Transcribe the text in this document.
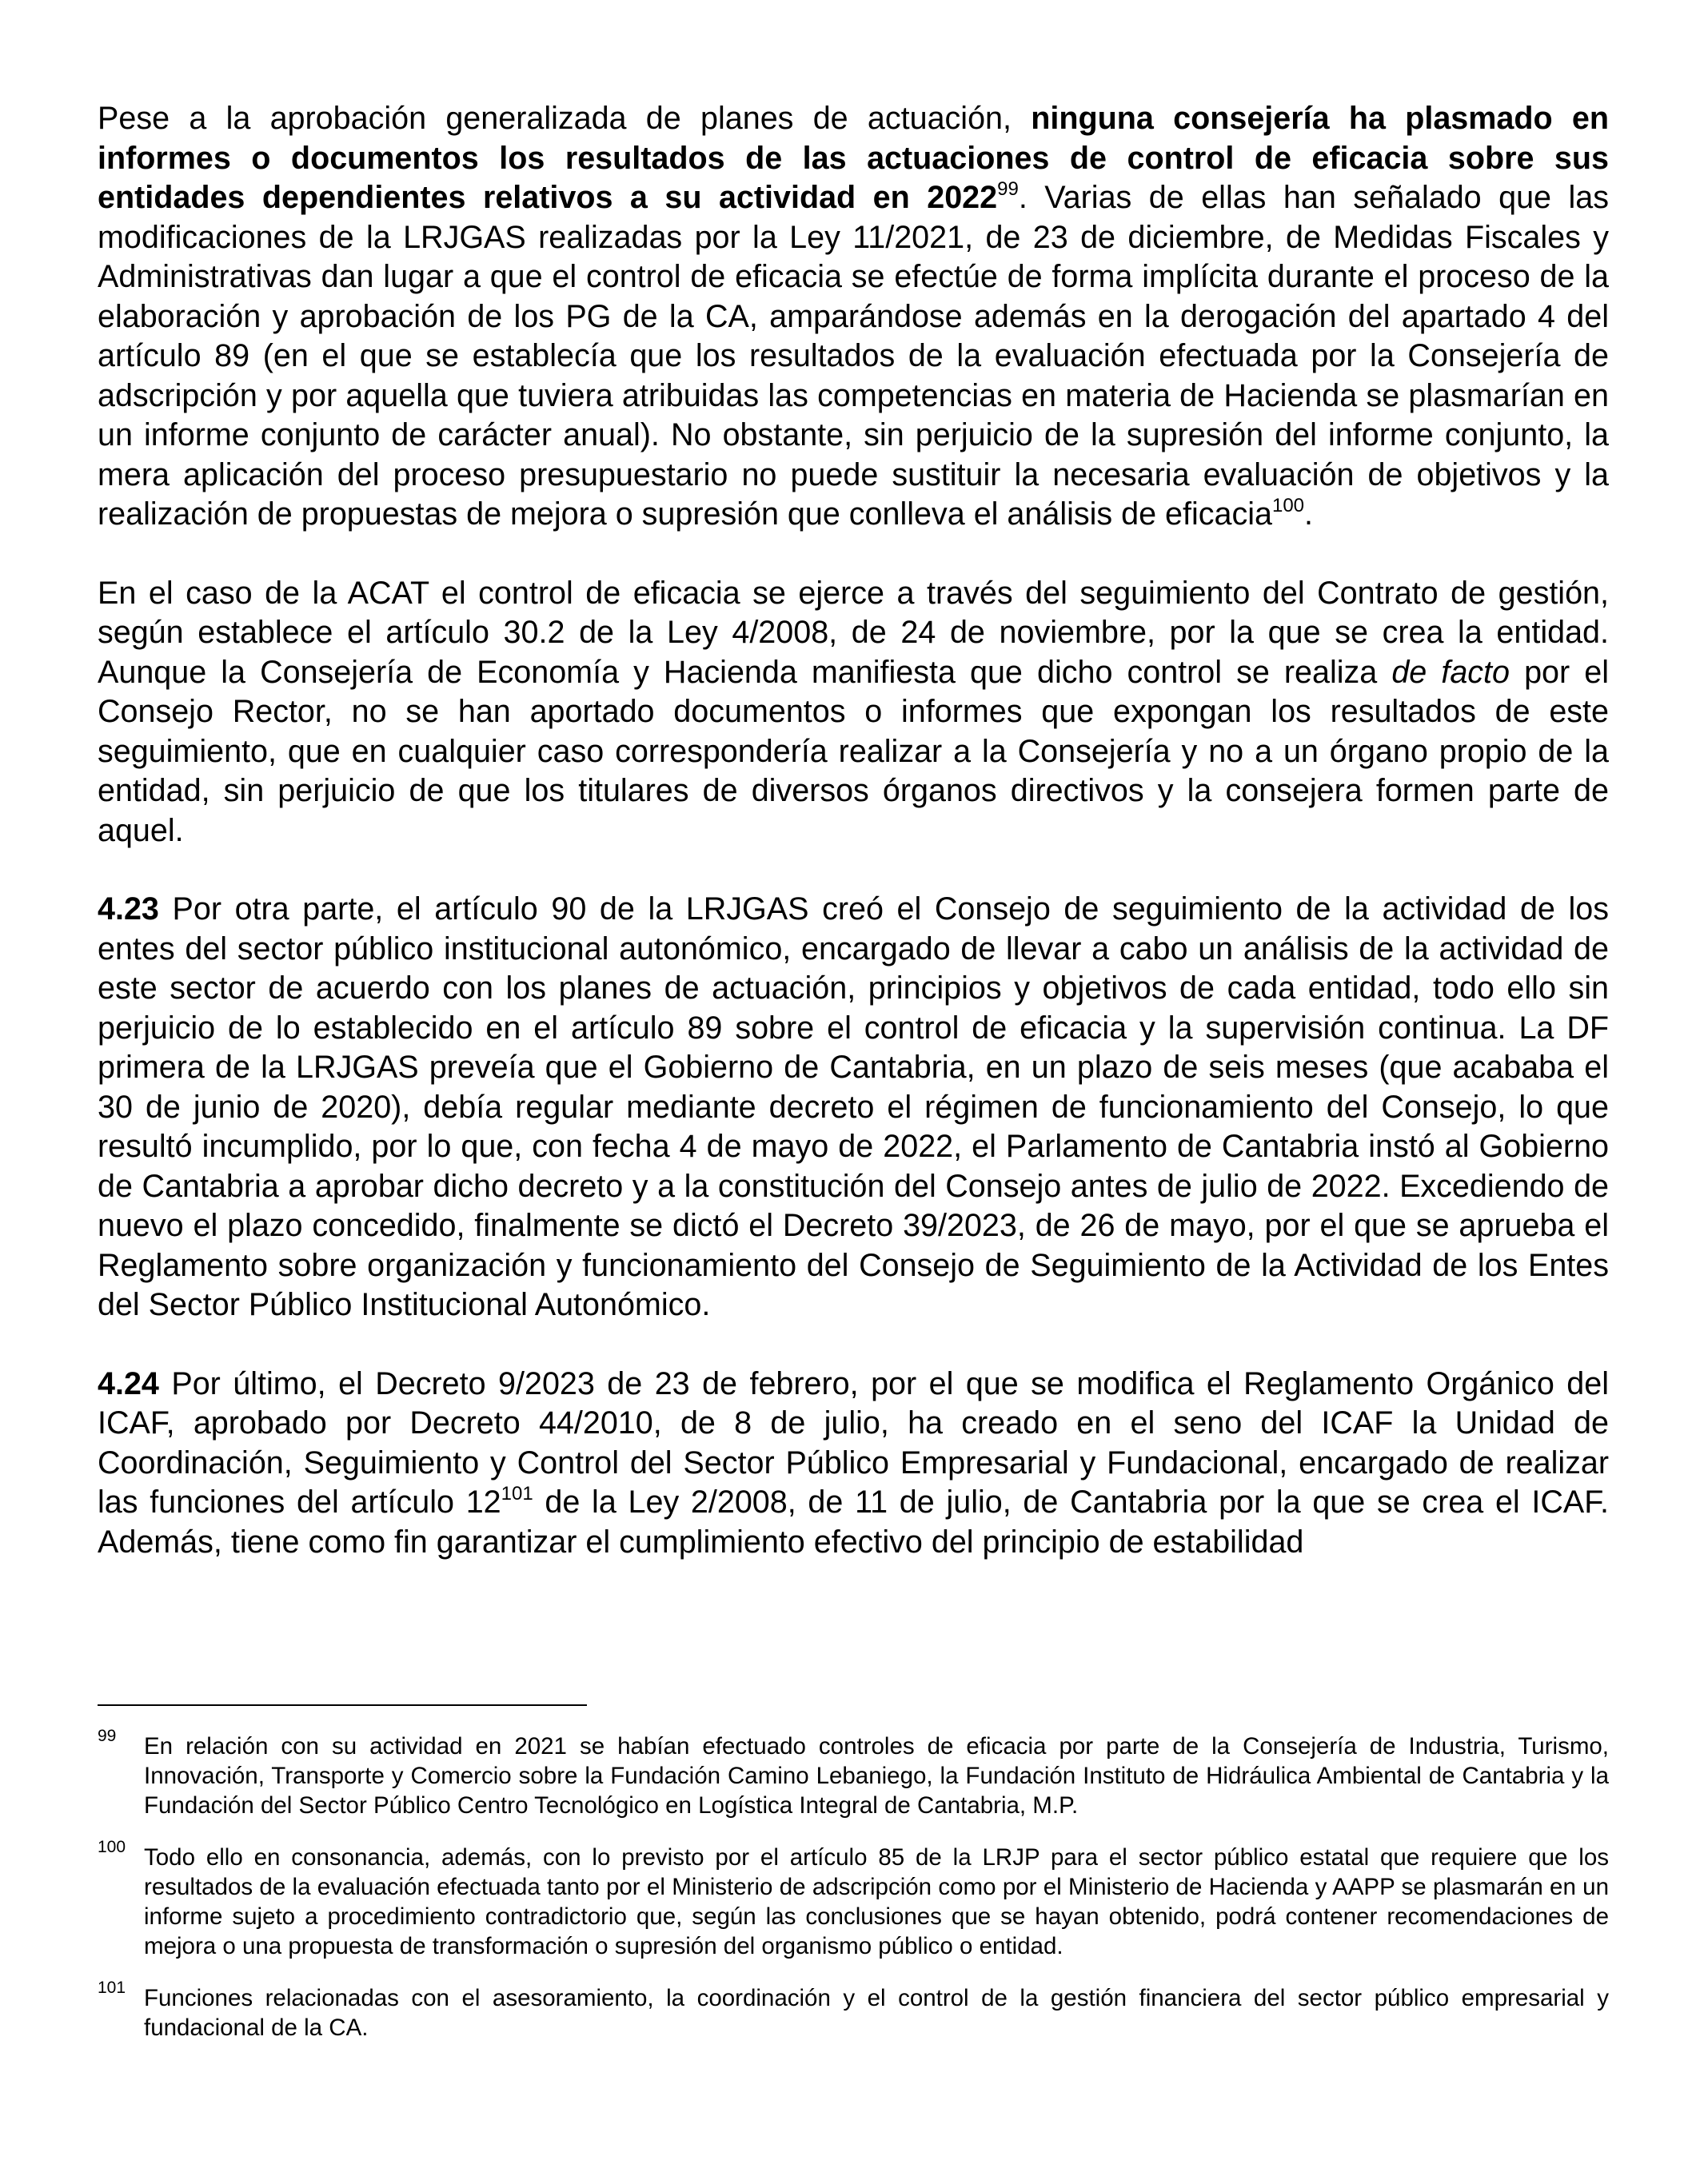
Pese a la aprobación generalizada de planes de actuación, ninguna consejería ha plasmado en informes o documentos los resultados de las actuaciones de control de eficacia sobre sus entidades dependientes relativos a su actividad en 2022$^{99}$. Varias de ellas han señalado que las modificaciones de la LRJGAS realizadas por la Ley 11/2021, de 23 de diciembre, de Medidas Fiscales y Administrativas dan lugar a que el control de eficacia se efectúe de forma implícita durante el proceso de la elaboración y aprobación de los PG de la CA, amparándose además en la derogación del apartado 4 del artículo 89 (en el que se establecía que los resultados de la evaluación efectuada por la Consejería de adscripción y por aquella que tuviera atribuidas las competencias en materia de Hacienda se plasmarían en un informe conjunto de carácter anual). No obstante, sin perjuicio de la supresión del informe conjunto, la mera aplicación del proceso presupuestario no puede sustituir la necesaria evaluación de objetivos y la realización de propuestas de mejora o supresión que conlleva el análisis de eficacia$^{100}$.

En el caso de la ACAT el control de eficacia se ejerce a través del seguimiento del Contrato de gestión, según establece el artículo 30.2 de la Ley 4/2008, de 24 de noviembre, por la que se crea la entidad. Aunque la Consejería de Economía y Hacienda manifiesta que dicho control se realiza de facto por el Consejo Rector, no se han aportado documentos o informes que expongan los resultados de este seguimiento, que en cualquier caso correspondería realizar a la Consejería y no a un órgano propio de la entidad, sin perjuicio de que los titulares de diversos órganos directivos y la consejera formen parte de aquel.

4.23 Por otra parte, el artículo 90 de la LRJGAS creó el Consejo de seguimiento de la actividad de los entes del sector público institucional autonómico, encargado de llevar a cabo un análisis de la actividad de este sector de acuerdo con los planes de actuación, principios y objetivos de cada entidad, todo ello sin perjuicio de lo establecido en el artículo 89 sobre el control de eficacia y la supervisión continua. La DF primera de la LRJGAS preveía que el Gobierno de Cantabria, en un plazo de seis meses (que acababa el 30 de junio de 2020), debía regular mediante decreto el régimen de funcionamiento del Consejo, lo que resultó incumplido, por lo que, con fecha 4 de mayo de 2022, el Parlamento de Cantabria instó al Gobierno de Cantabria a aprobar dicho decreto y a la constitución del Consejo antes de julio de 2022. Excediendo de nuevo el plazo concedido, finalmente se dictó el Decreto 39/2023, de 26 de mayo, por el que se aprueba el Reglamento sobre organización y funcionamiento del Consejo de Seguimiento de la Actividad de los Entes del Sector Público Institucional Autonómico.

4.24 Por último, el Decreto 9/2023 de 23 de febrero, por el que se modifica el Reglamento Orgánico del ICAF, aprobado por Decreto 44/2010, de 8 de julio, ha creado en el seno del ICAF la Unidad de Coordinación, Seguimiento y Control del Sector Público Empresarial y Fundacional, encargado de realizar las funciones del artículo 12$^{101}$ de la Ley 2/2008, de 11 de julio, de Cantabria por la que se crea el ICAF. Además, tiene como fin garantizar el cumplimiento efectivo del principio de estabilidad

99 En relación con su actividad en 2021 se habían efectuado controles de eficacia por parte de la Consejería de Industria, Turismo, Innovación, Transporte y Comercio sobre la Fundación Camino Lebaniego, la Fundación Instituto de Hidráulica Ambiental de Cantabria y la Fundación del Sector Público Centro Tecnológico en Logística Integral de Cantabria, M.P.
100 Todo ello en consonancia, además, con lo previsto por el artículo 85 de la LRJP para el sector público estatal que requiere que los resultados de la evaluación efectuada tanto por el Ministerio de adscripción como por el Ministerio de Hacienda y AAPP se plasmarán en un informe sujeto a procedimiento contradictorio que, según las conclusiones que se hayan obtenido, podrá contener recomendaciones de mejora o una propuesta de transformación o supresión del organismo público o entidad.
101 Funciones relacionadas con el asesoramiento, la coordinación y el control de la gestión financiera del sector público empresarial y fundacional de la CA.
